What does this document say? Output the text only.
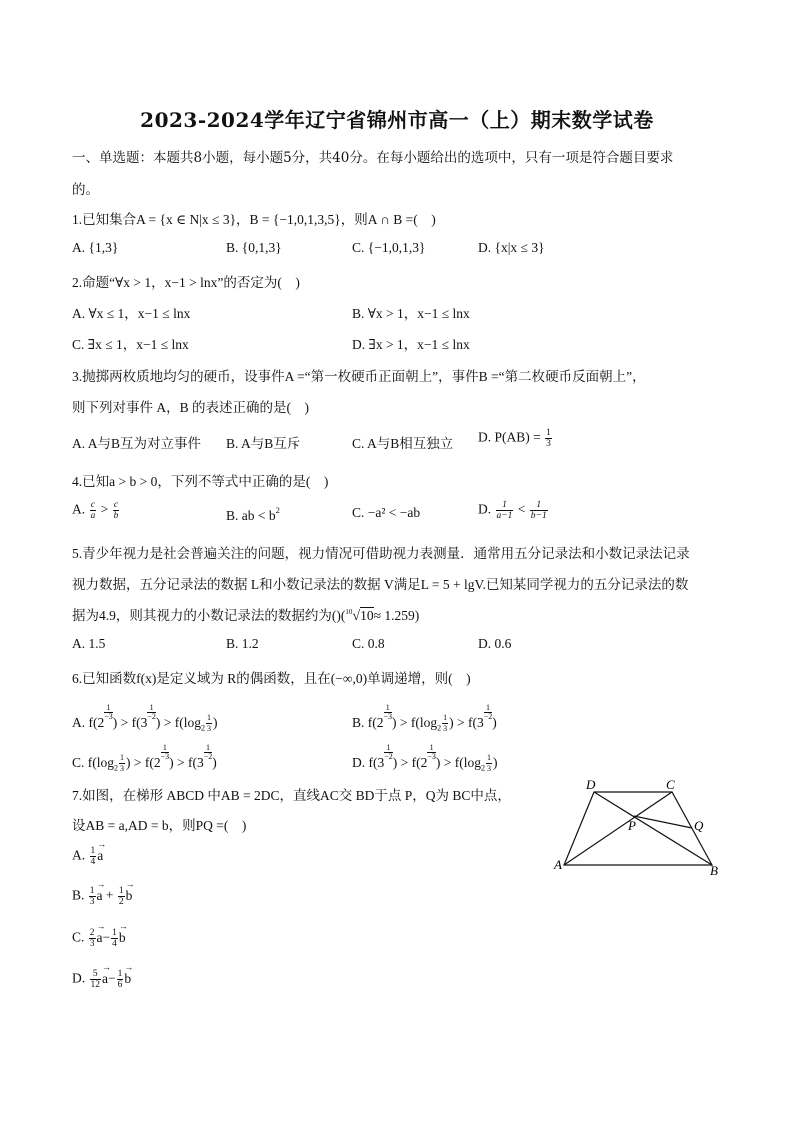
2023-2024学年辽宁省锦州市高一（上）期末数学试卷
一、单选题：本题共8小题，每小题5分，共40分。在每小题给出的选项中，只有一项是符合题目要求
的。
1.已知集合A = {x ∈ N|x ≤ 3}，B = {−1,0,1,3,5}，则A ∩ B =(　)
A. {1,3}	B. {0,1,3}	C. {−1,0,1,3}	D. {x|x ≤ 3}
2.命题“∀x > 1，x−1 > lnx”的否定为(　)
A. ∀x ≤ 1，x−1 ≤ lnx	B. ∀x > 1，x−1 ≤ lnx
C. ∃x ≤ 1，x−1 ≤ lnx	D. ∃x > 1，x−1 ≤ lnx
3.抛掷两枚质地均匀的硬币，设事件A =“第一枚硬币正面朝上”，事件B =“第二枚硬币反面朝上”，
则下列对事件 A，B 的表述正确的是(　)
A. A与B互为对立事件 B. A与B互斥	C. A与B相互独立 D. $P(AB) = \frac{1}{3}$
4.已知a > b > 0，下列不等式中正确的是(　)
A. $\frac{c}{a} > \frac{c}{b}$	B. ab < $b^2$	C. −a² < −ab	D. $\frac{1}{a-1} < \frac{1}{b-1}$
5.青少年视力是社会普遍关注的问题，视力情况可借助视力表测量．通常用五分记录法和小数记录法记录
视力数据，五分记录法的数据 L和小数记录法的数据 V满足L = 5 + lgV.已知某同学视力的五分记录法的数
据为4.9，则其视力的小数记录法的数据约为()($^{10}$√10≈ 1.259)
A. 1.5	B. 1.2	C. 0.8	D. 0.6
6.已知函数f(x)是定义域为 R的偶函数，且在(−∞,0)单调递增，则(　)
A. f(2
$\frac{1}{-3}$
) > f(3
$\frac{1}{-2}$
) > $f(\log_2 \frac{1}{3}$ )	B. f(2
$\frac{1}{-3}$
) > $f(\log_2 \frac{1}{3}$ ) > f(3
$\frac{1}{-2}$
)
C. $f(\log_2 \frac{1}{3}$ ) > f(2
$\frac{1}{-3}$
) > f(3
$\frac{1}{-2}$
)	D. f(3
$\frac{1}{-2}$
) > f(2
$\frac{1}{-3}$
) > $f(\log_2 \frac{1}{3}$ )
7.如图，在梯形 ABCD 中AB = 2DC，直线AC交 BD于点 P，Q为 BC中点，
设AB = a,AD = b，则PQ =(　)
A. $\frac{1}{4}$
→ a
B. $\frac{1}{3}$
→ $a + \frac{1}{2}$
→ b
C. $\frac{2}{3}$
→ $a- \frac{1}{4}$
→ b
D. $\frac{5}{12}$
→ $a- \frac{1}{6}$
→ b
D	C
A	B
P	Q
